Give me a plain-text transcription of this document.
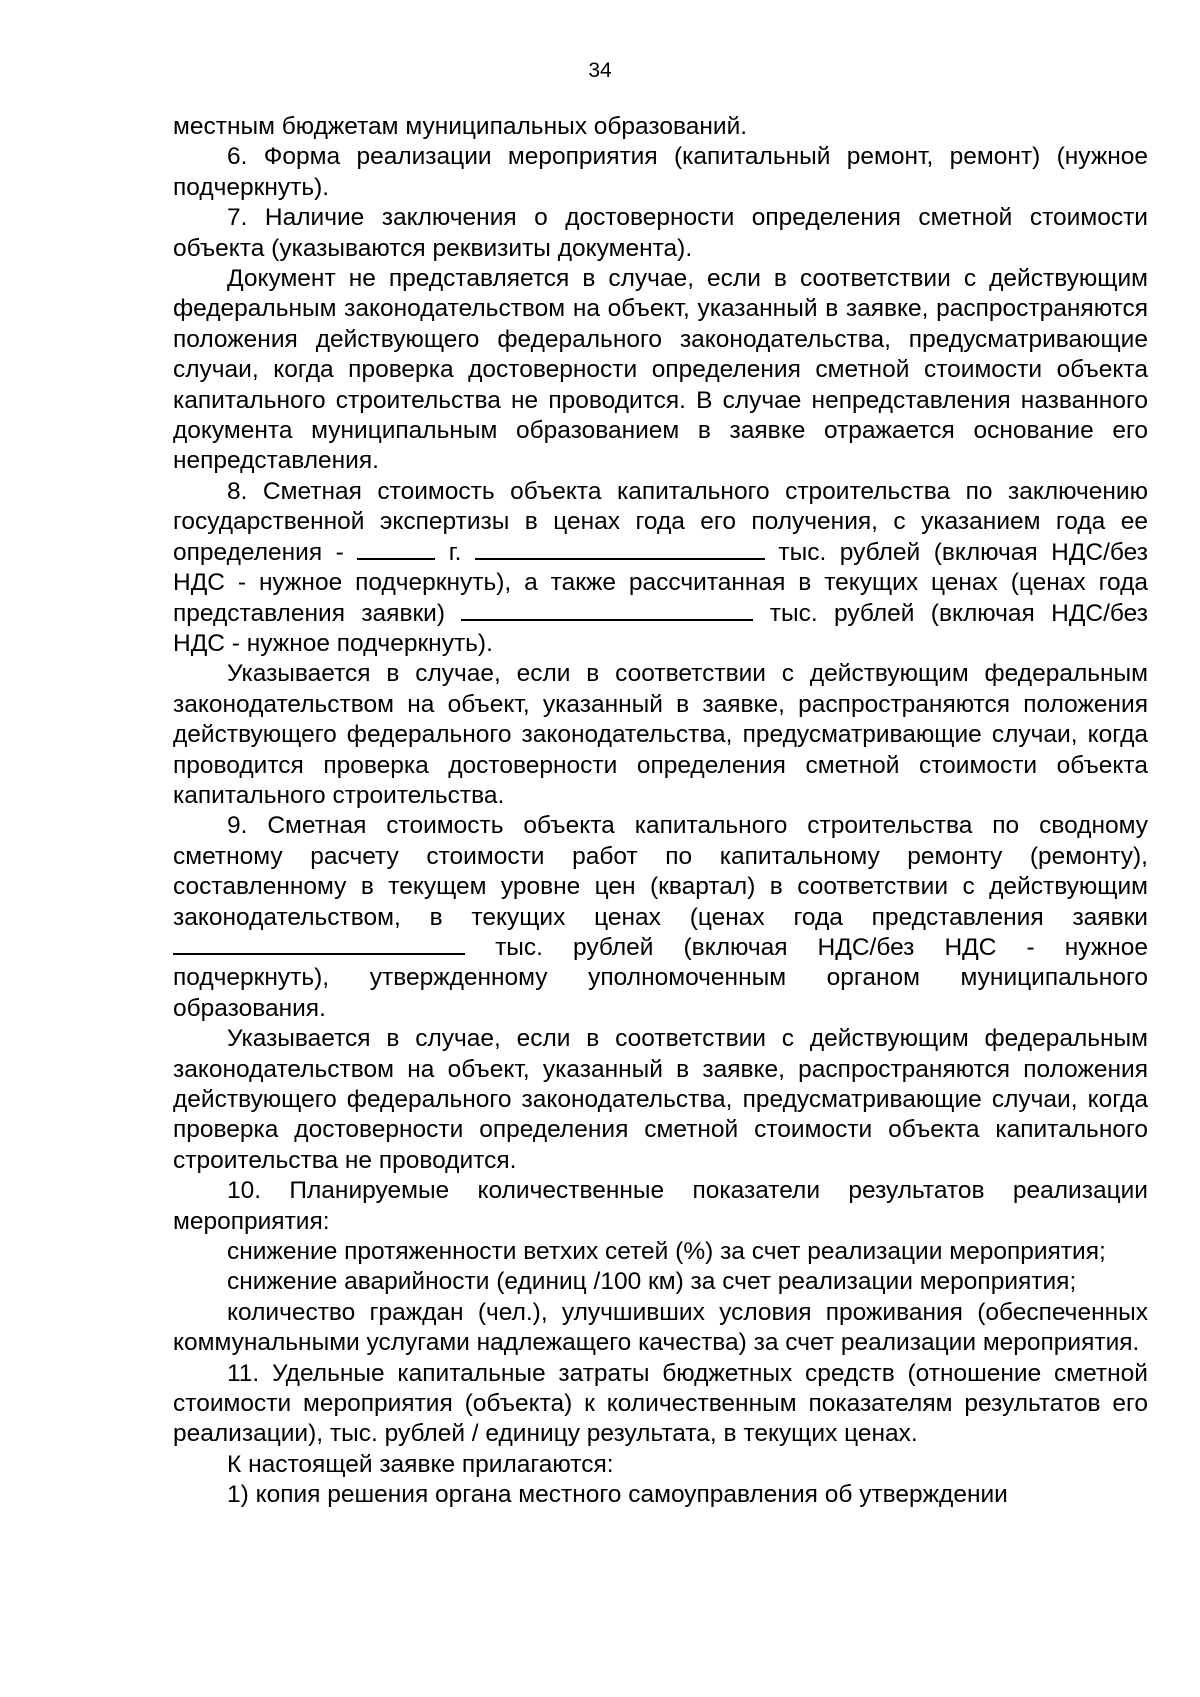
34

местным бюджетам муниципальных образований.

6. Форма реализации мероприятия (капитальный ремонт, ремонт) (нужное подчеркнуть).

7. Наличие заключения о достоверности определения сметной стоимости объекта (указываются реквизиты документа).

Документ не представляется в случае, если в соответствии с действующим федеральным законодательством на объект, указанный в заявке, распространяются положения действующего федерального законодательства, предусматривающие случаи, когда проверка достоверности определения сметной стоимости объекта капитального строительства не проводится. В случае непредставления названного документа муниципальным образованием в заявке отражается основание его непредставления.

8. Сметная стоимость объекта капитального строительства по заключению государственной экспертизы в ценах года его получения, с указанием года ее определения -	г.	тыс. рублей (включая НДС/без НДС - нужное подчеркнуть), а также рассчитанная в текущих ценах (ценах года представления заявки)	тыс. рублей (включая НДС/без НДС - нужное подчеркнуть).

Указывается в случае, если в соответствии с действующим федеральным законодательством на объект, указанный в заявке, распространяются положения действующего федерального законодательства, предусматривающие случаи, когда проводится проверка достоверности определения сметной стоимости объекта капитального строительства.

9. Сметная стоимость объекта капитального строительства по сводному сметному расчету стоимости работ по капитальному ремонту (ремонту), составленному в текущем уровне цен (квартал) в соответствии с действующим законодательством, в текущих ценах (ценах года представления заявки  тыс. рублей (включая НДС/без НДС - нужное подчеркнуть), утвержденному уполномоченным органом муниципального образования.

Указывается в случае, если в соответствии с действующим федеральным законодательством на объект, указанный в заявке, распространяются положения действующего федерального законодательства, предусматривающие случаи, когда проверка достоверности определения сметной стоимости объекта капитального строительства не проводится.

10. Планируемые количественные показатели результатов реализации мероприятия:

снижение протяженности ветхих сетей (%) за счет реализации мероприятия;

снижение аварийности (единиц /100 км) за счет реализации мероприятия;

количество граждан (чел.), улучшивших условия проживания (обеспеченных коммунальными услугами надлежащего качества) за счет реализации мероприятия.

11. Удельные капитальные затраты бюджетных средств (отношение сметной стоимости мероприятия (объекта) к количественным показателям результатов его реализации), тыс. рублей / единицу результата, в текущих ценах.

К настоящей заявке прилагаются:

1) копия решения органа местного самоуправления об утверждении
